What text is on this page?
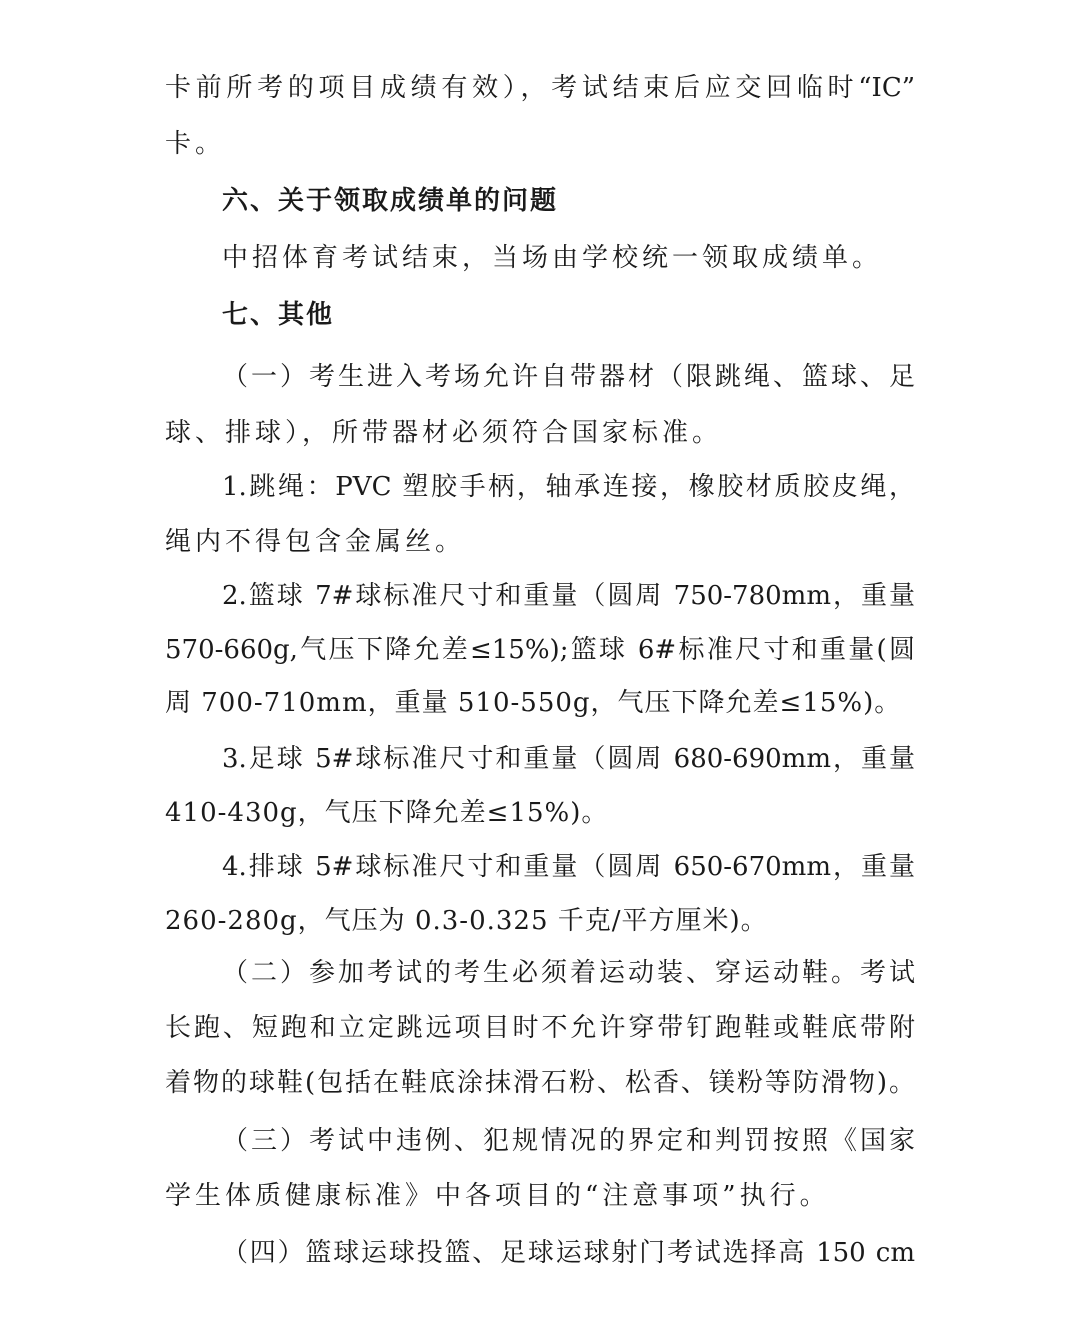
卡前所考的项目成绩有效），考试结束后应交回临时“IC”
卡。
六、关于领取成绩单的问题
中招体育考试结束，当场由学校统一领取成绩单。
七、其他
（一）考生进入考场允许自带器材（限跳绳、篮球、足
球、排球），所带器材必须符合国家标准。
1.跳绳：PVC 塑胶手柄，轴承连接，橡胶材质胶皮绳，
绳内不得包含金属丝。
2.篮球 7#球标准尺寸和重量（圆周 750-780mm，重量
570-660g,气压下降允差≤15%);篮球 6#标准尺寸和重量(圆
周 700-710mm，重量 510-550g，气压下降允差≤15%)。
3.足球 5#球标准尺寸和重量（圆周 680-690mm，重量
410-430g，气压下降允差≤15%)。
4.排球 5#球标准尺寸和重量（圆周 650-670mm，重量
260-280g，气压为 0.3-0.325 千克/平方厘米)。
（二）参加考试的考生必须着运动装、穿运动鞋。考试
长跑、短跑和立定跳远项目时不允许穿带钉跑鞋或鞋底带附
着物的球鞋(包括在鞋底涂抹滑石粉、松香、镁粉等防滑物)。
（三）考试中违例、犯规情况的界定和判罚按照《国家
学生体质健康标准》中各项目的“注意事项”执行。
（四）篮球运球投篮、足球运球射门考试选择高 150 cm
